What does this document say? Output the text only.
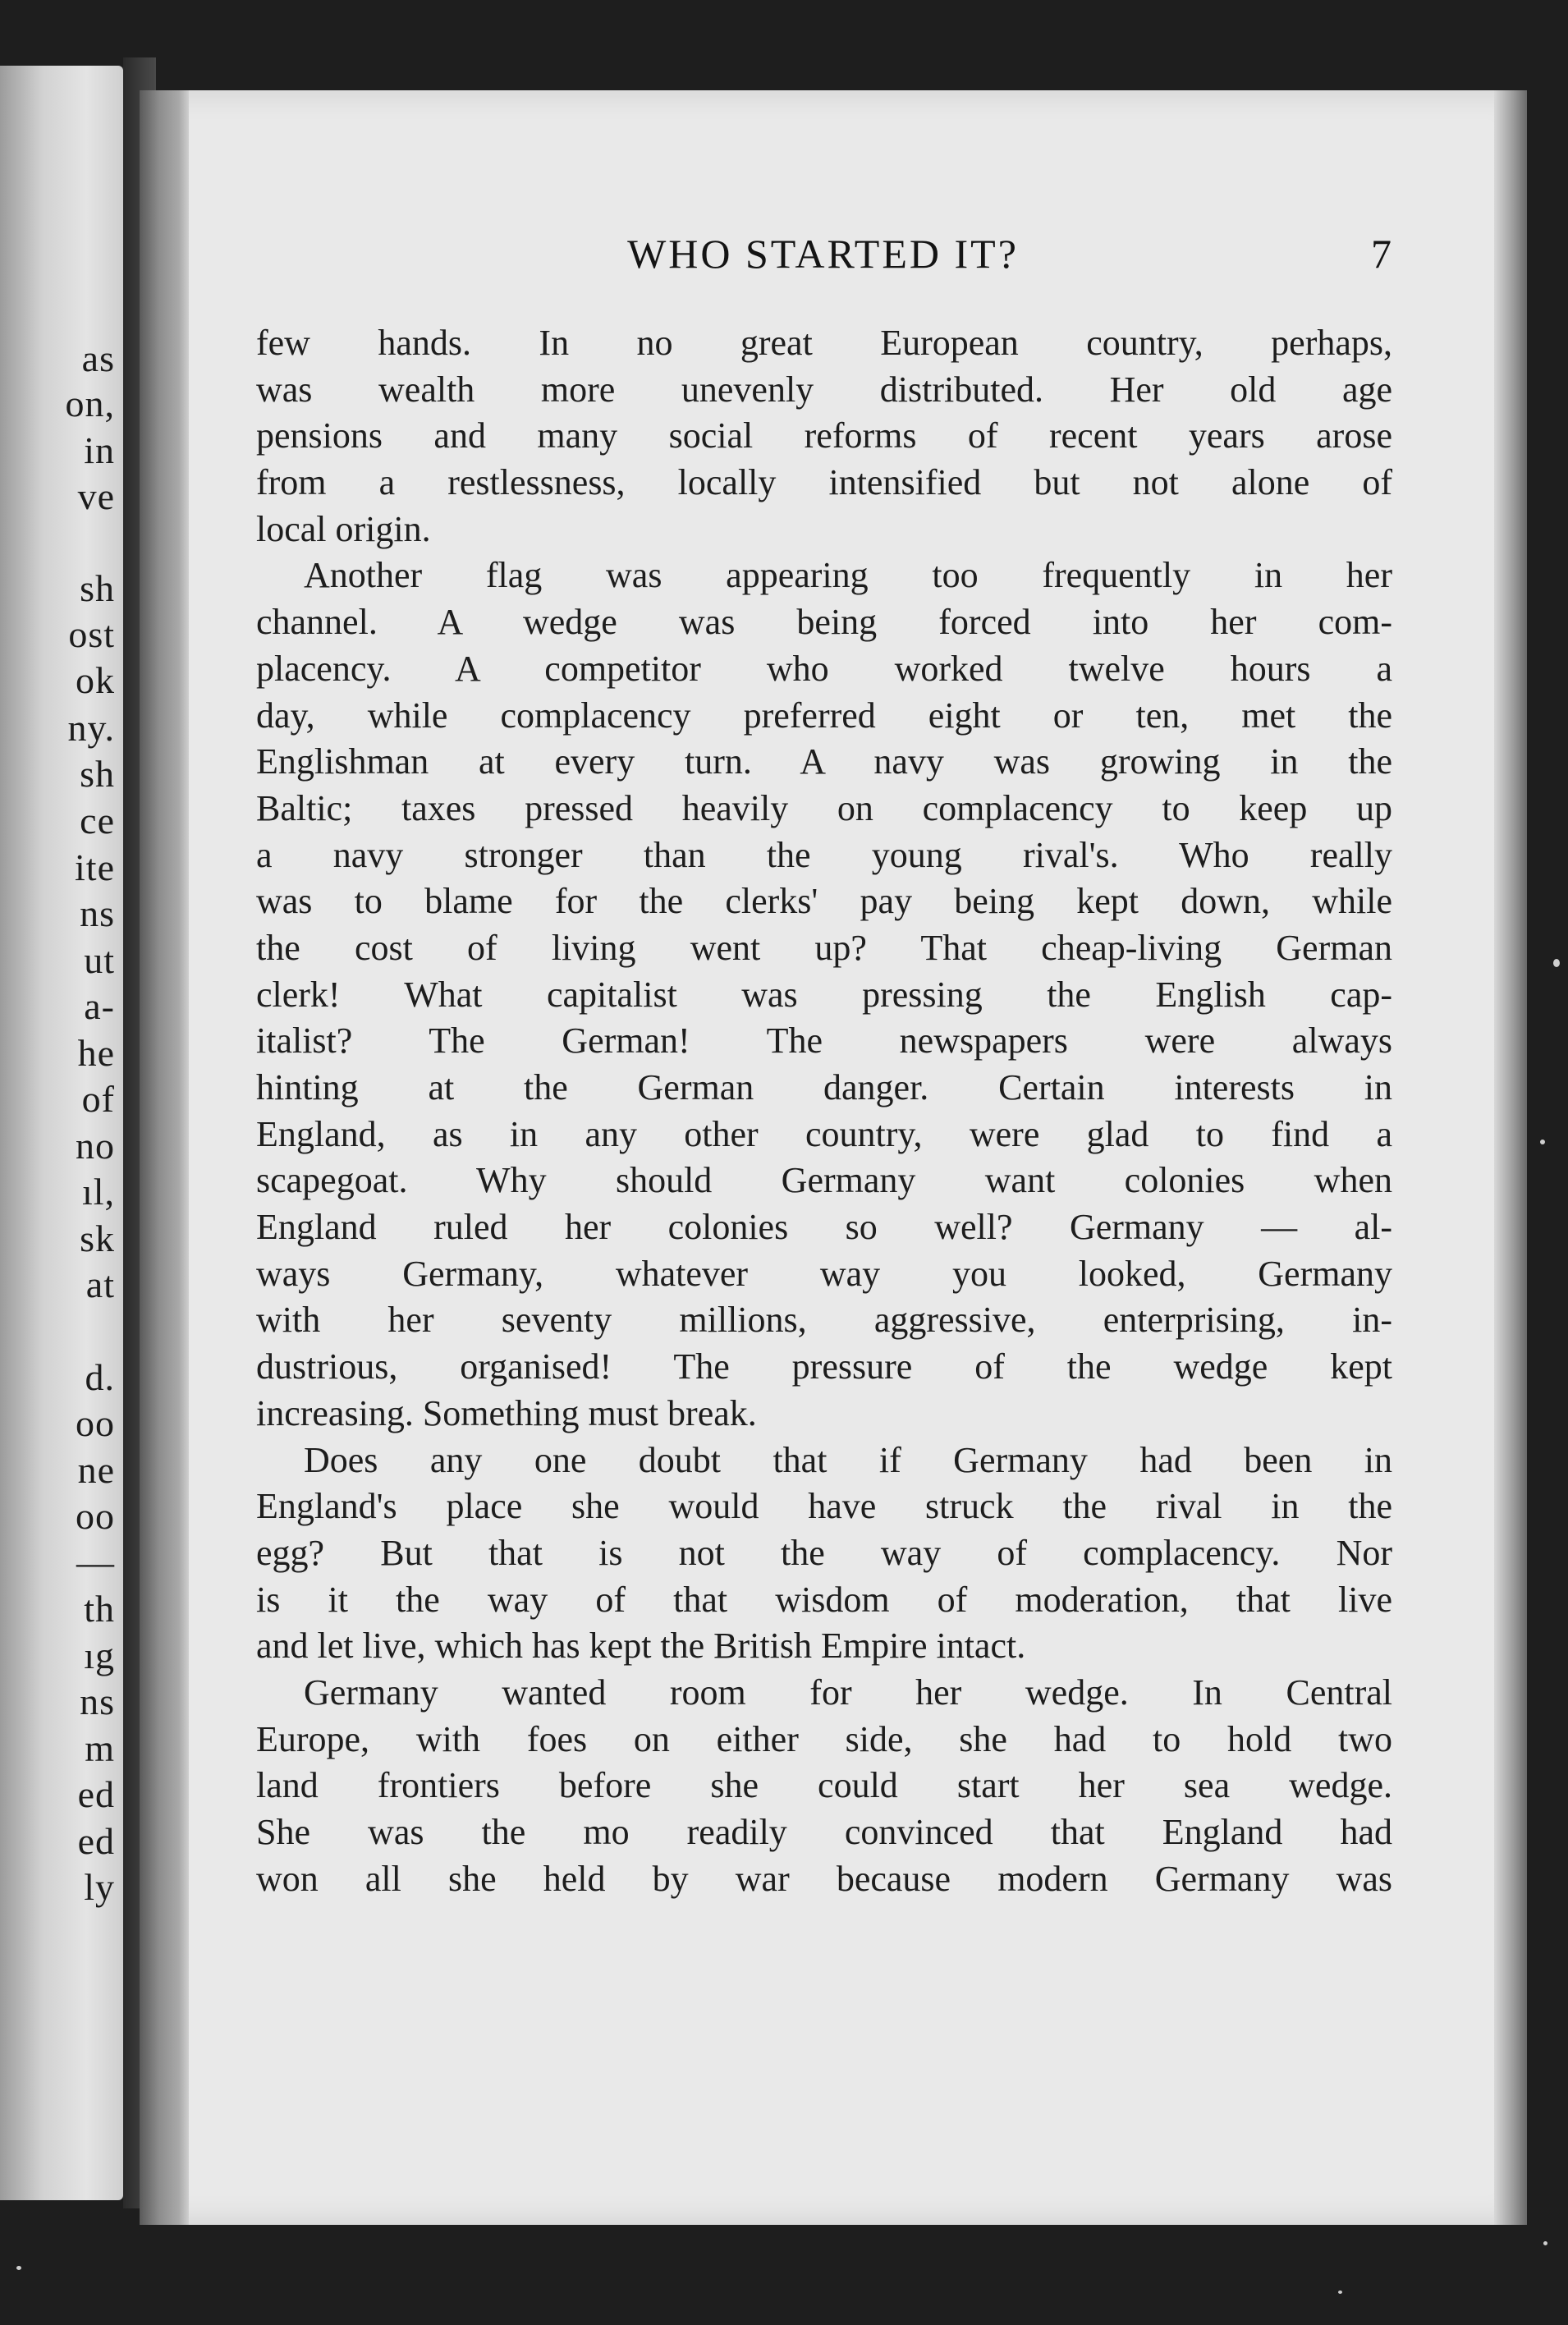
as
on,
in
ve
sh
ost
ok
ny.
sh
ce
ite
ns
ut
a-
he
of
no
ıl,
sk
at
d.
oo
ne
oo
—
th
ıg
ns
m
ed
ed
ly
WHO STARTED IT?	7
few hands. In no great European country, perhaps,
was wealth more unevenly distributed. Her old age
pensions and many social reforms of recent years arose
from a restlessness, locally intensified but not alone of
local origin.
Another flag was appearing too frequently in her
channel. A wedge was being forced into her com-
placency. A competitor who worked twelve hours a
day, while complacency preferred eight or ten, met the
Englishman at every turn. A navy was growing in the
Baltic; taxes pressed heavily on complacency to keep up
a navy stronger than the young rival's. Who really
was to blame for the clerks' pay being kept down, while
the cost of living went up? That cheap-living German
clerk! What capitalist was pressing the English cap-
italist? The German! The newspapers were always
hinting at the German danger. Certain interests in
England, as in any other country, were glad to find a
scapegoat. Why should Germany want colonies when
England ruled her colonies so well? Germany — al-
ways Germany, whatever way you looked, Germany
with her seventy millions, aggressive, enterprising, in-
dustrious, organised! The pressure of the wedge kept
increasing. Something must break.
Does any one doubt that if Germany had been in
England's place she would have struck the rival in the
egg? But that is not the way of complacency. Nor
is it the way of that wisdom of moderation, that live
and let live, which has kept the British Empire intact.
Germany wanted room for her wedge. In Central
Europe, with foes on either side, she had to hold two
land frontiers before she could start her sea wedge.
She was the mo readily convinced that England had
won all she held by war because modern Germany was
